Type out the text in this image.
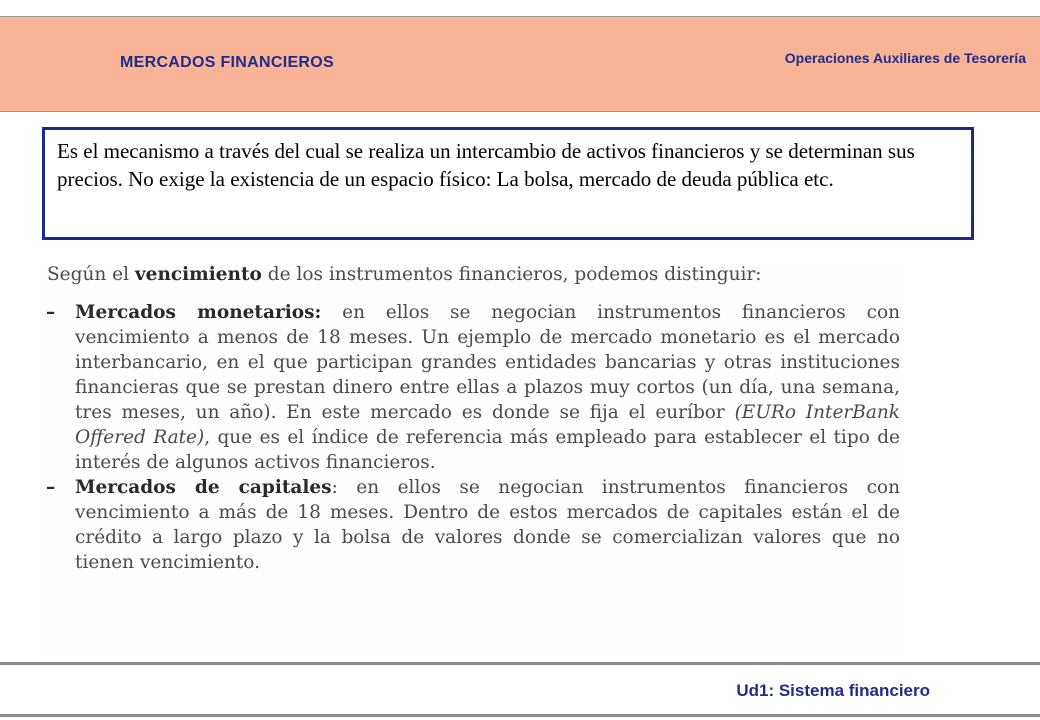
MERCADOS FINANCIEROS	Operaciones Auxiliares de Tesorería
Es el mecanismo a través del cual se realiza un intercambio de activos financieros y se determinan sus precios. No exige la existencia de un espacio físico: La bolsa, mercado de deuda pública etc.

Según el vencimiento de los instrumentos financieros, podemos distinguir:

– Mercados monetarios: en ellos se negocian instrumentos financieros con vencimiento a menos de 18 meses. Un ejemplo de mercado monetario es el mercado interbancario, en el que participan grandes entidades bancarias y otras instituciones financieras que se prestan dinero entre ellas a plazos muy cortos (un día, una semana, tres meses, un año). En este mercado es donde se fija el euríbor (EURo InterBank Offered Rate), que es el índice de referencia más empleado para establecer el tipo de interés de algunos activos financieros.

– Mercados de capitales: en ellos se negocian instrumentos financieros con vencimiento a más de 18 meses. Dentro de estos mercados de capitales están el de crédito a largo plazo y la bolsa de valores donde se comercializan valores que no tienen vencimiento.

Ud1: Sistema financiero
